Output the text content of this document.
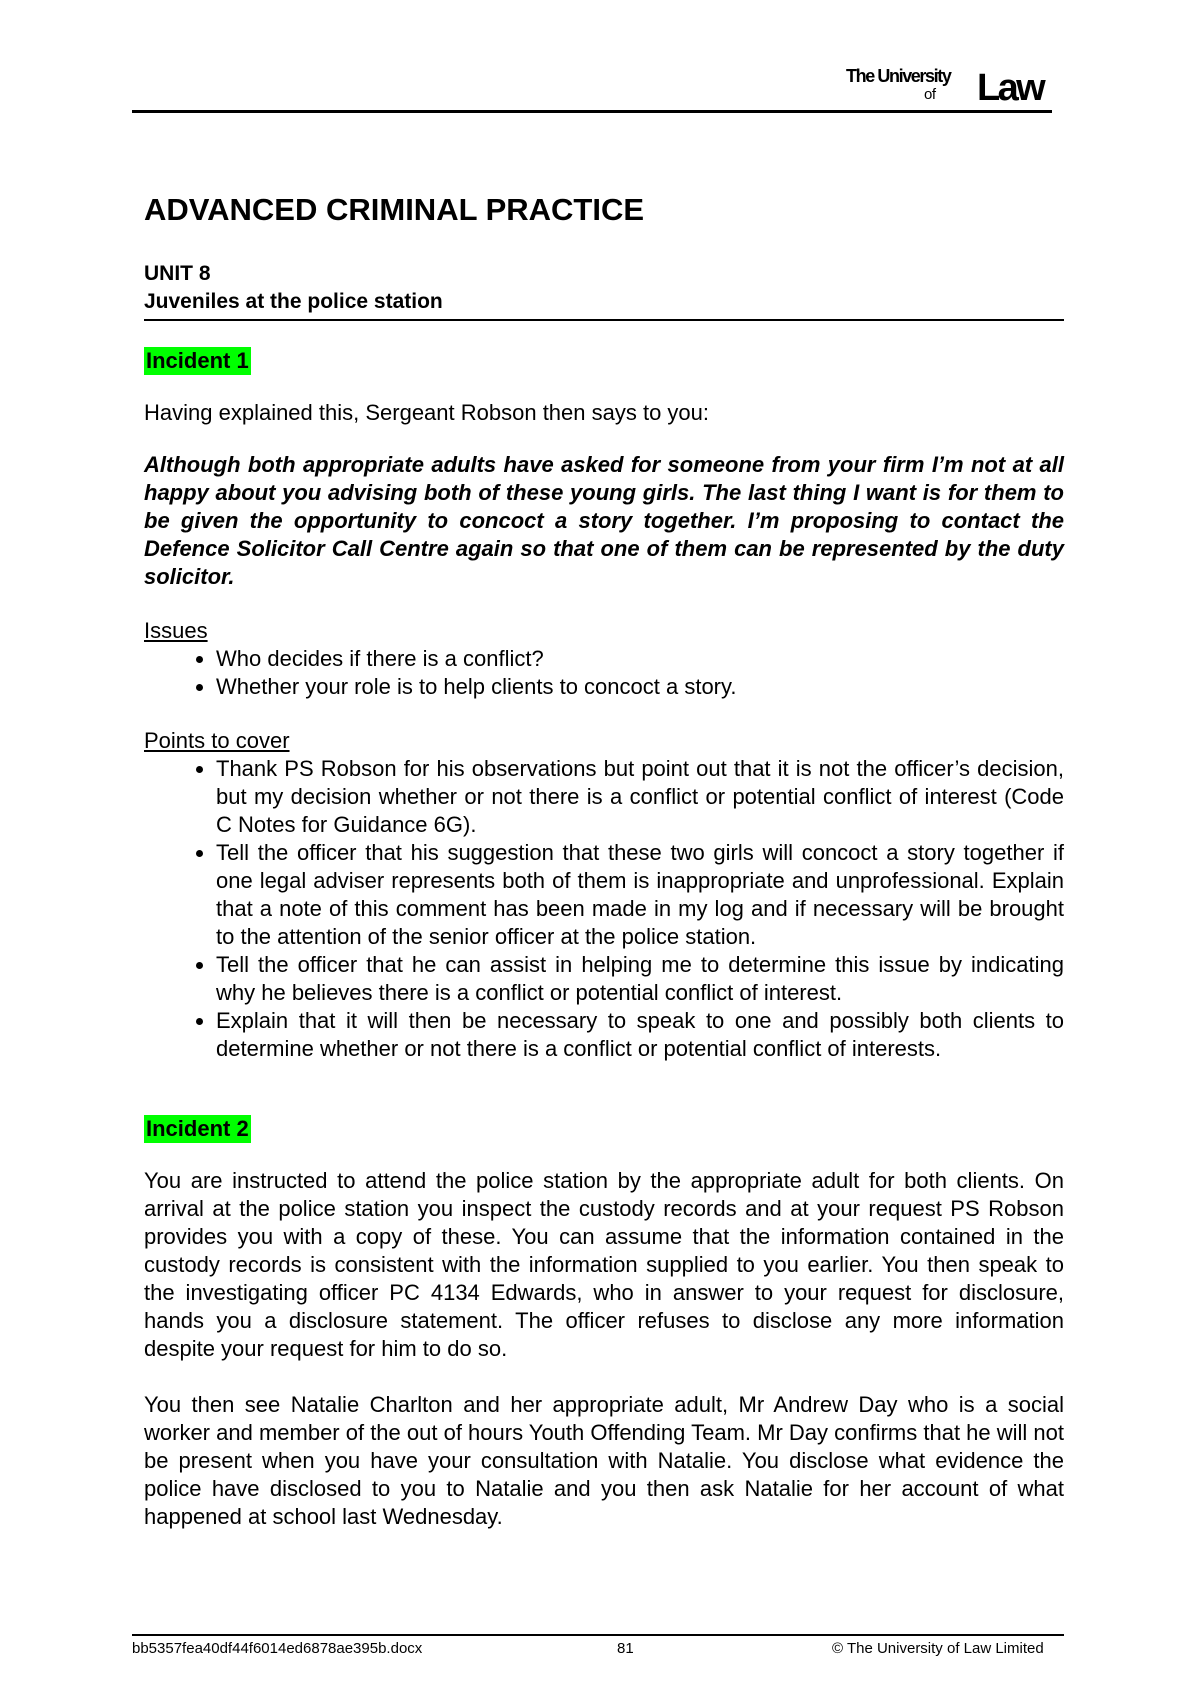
The University
of Law
ADVANCED CRIMINAL PRACTICE

UNIT 8

Juveniles at the police station

Incident 1

Having explained this, Sergeant Robson then says to you:

Although both appropriate adults have asked for someone from your firm I’m not at all happy about you advising both of these young girls. The last thing I want is for them to be given the opportunity to concoct a story together. I’m proposing to contact the Defence Solicitor Call Centre again so that one of them can be represented by the duty solicitor.

Issues

• Who decides if there is a conflict?
• Whether your role is to help clients to concoct a story.

Points to cover

• Thank PS Robson for his observations but point out that it is not the officer’s decision, but my decision whether or not there is a conflict or potential conflict of interest (Code C Notes for Guidance 6G).
• Tell the officer that his suggestion that these two girls will concoct a story together if one legal adviser represents both of them is inappropriate and unprofessional. Explain that a note of this comment has been made in my log and if necessary will be brought to the attention of the senior officer at the police station.
• Tell the officer that he can assist in helping me to determine this issue by indicating why he believes there is a conflict or potential conflict of interest.
• Explain that it will then be necessary to speak to one and possibly both clients to determine whether or not there is a conflict or potential conflict of interests.

Incident 2

You are instructed to attend the police station by the appropriate adult for both clients. On arrival at the police station you inspect the custody records and at your request PS Robson provides you with a copy of these. You can assume that the information contained in the custody records is consistent with the information supplied to you earlier. You then speak to the investigating officer PC 4134 Edwards, who in answer to your request for disclosure, hands you a disclosure statement. The officer refuses to disclose any more information despite your request for him to do so.

You then see Natalie Charlton and her appropriate adult, Mr Andrew Day who is a social worker and member of the out of hours Youth Offending Team. Mr Day confirms that he will not be present when you have your consultation with Natalie. You disclose what evidence the police have disclosed to you to Natalie and you then ask Natalie for her account of what happened at school last Wednesday.

bb5357fea40df44f6014ed6878ae395b.docx	81	© The University of Law Limited
